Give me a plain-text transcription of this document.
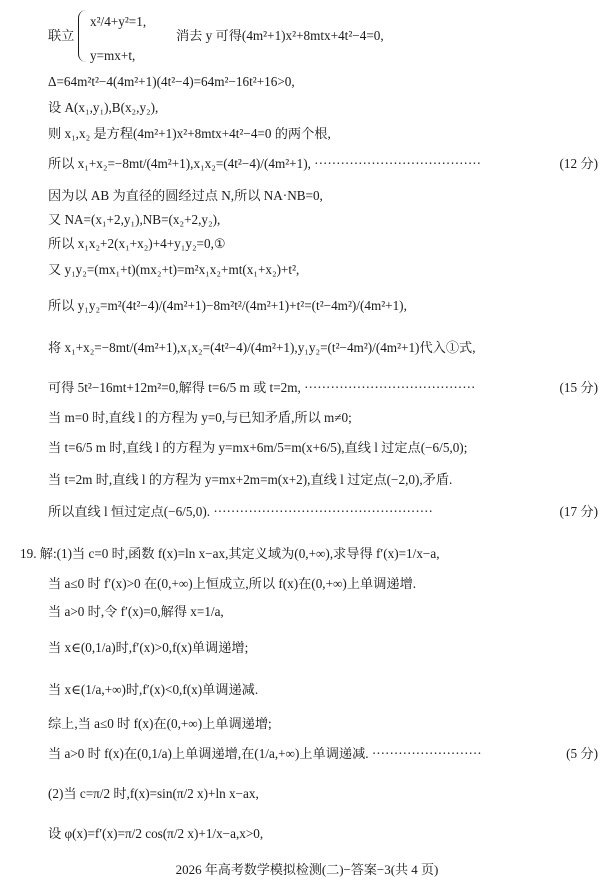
联立
x²/4+y²=1,
y=mx+t,
消去 y 可得(4m²+1)x²+8mtx+4t²−4=0,
Δ=64m²t²−4(4m²+1)(4t²−4)=64m²−16t²+16>0,
设 A(x₁,y₁),B(x₂,y₂),
则 x₁,x₂ 是方程(4m²+1)x²+8mtx+4t²−4=0 的两个根,
所以 x₁+x₂=−8mt/(4m²+1),x₁x₂=(4t²−4)/(4m²+1), ······································	(12 分)
因为以 AB 为直径的圆经过点 N,所以 NA·NB=0,
又 NA=(x₁+2,y₁),NB=(x₂+2,y₂),
所以 x₁x₂+2(x₁+x₂)+4+y₁y₂=0,①
又 y₁y₂=(mx₁+t)(mx₂+t)=m²x₁x₂+mt(x₁+x₂)+t²,
所以 y₁y₂=m²(4t²−4)/(4m²+1)−8m²t²/(4m²+1)+t²=(t²−4m²)/(4m²+1),
将 x₁+x₂=−8mt/(4m²+1),x₁x₂=(4t²−4)/(4m²+1),y₁y₂=(t²−4m²)/(4m²+1)代入①式,
可得 5t²−16mt+12m²=0,解得 t=6/5 m 或 t=2m, ·······································	(15 分)
当 m=0 时,直线 l 的方程为 y=0,与已知矛盾,所以 m≠0;
当 t=6/5 m 时,直线 l 的方程为 y=mx+6m/5=m(x+6/5),直线 l 过定点(−6/5,0);
当 t=2m 时,直线 l 的方程为 y=mx+2m=m(x+2),直线 l 过定点(−2,0),矛盾.
所以直线 l 恒过定点(−6/5,0). ··················································	(17 分)
19. 解:(1)当 c=0 时,函数 f(x)=ln x−ax,其定义域为(0,+∞),求导得 f′(x)=1/x−a,
当 a≤0 时 f′(x)>0 在(0,+∞)上恒成立,所以 f(x)在(0,+∞)上单调递增.
当 a>0 时,令 f′(x)=0,解得 x=1/a,
当 x∈(0,1/a)时,f′(x)>0,f(x)单调递增;
当 x∈(1/a,+∞)时,f′(x)<0,f(x)单调递减.
综上,当 a≤0 时 f(x)在(0,+∞)上单调递增;
当 a>0 时 f(x)在(0,1/a)上单调递增,在(1/a,+∞)上单调递减. ·························	(5 分)
(2)当 c=π/2 时,f(x)=sin(π/2 x)+ln x−ax,
设 φ(x)=f′(x)=π/2 cos(π/2 x)+1/x−a,x>0,
2026 年高考数学模拟检测(二)−答案−3(共 4 页)
